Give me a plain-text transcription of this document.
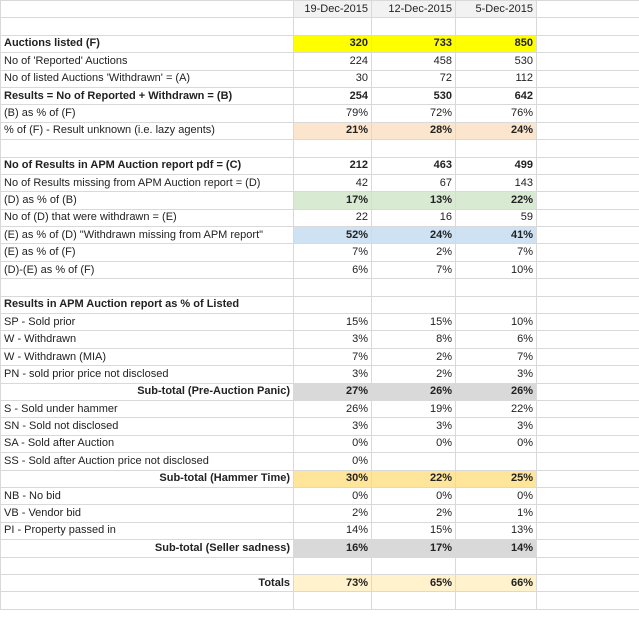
	19-Dec-2015	12-Dec-2015	5-Dec-2015	

Auctions listed (F)	320	733	850	
No of 'Reported' Auctions	224	458	530	
No of listed Auctions 'Withdrawn' = (A)	30	72	112	
Results = No of Reported + Withdrawn = (B)	254	530	642	
(B) as % of (F)	79%	72%	76%	
% of (F) - Result unknown (i.e. lazy agents)	21%	28%	24%	

No of Results in APM Auction report pdf = (C)	212	463	499	
No of Results missing from APM Auction report = (D)	42	67	143	
(D) as % of (B)	17%	13%	22%	
No of (D) that were withdrawn = (E)	22	16	59	
(E) as % of (D) "Withdrawn missing from APM report"	52%	24%	41%	
(E) as % of (F)	7%	2%	7%	
(D)-(E) as % of (F)	6%	7%	10%	

Results in APM Auction report as % of Listed				
SP - Sold prior	15%	15%	10%	
W - Withdrawn	3%	8%	6%	
W - Withdrawn (MIA)	7%	2%	7%	
PN - sold prior price not disclosed	3%	2%	3%	
Sub-total (Pre-Auction Panic)	27%	26%	26%	
S - Sold under hammer	26%	19%	22%	
SN - Sold not disclosed	3%	3%	3%	
SA - Sold after Auction	0%	0%	0%	
SS - Sold after Auction price not disclosed	0%			
Sub-total (Hammer Time)	30%	22%	25%	
NB - No bid	0%	0%	0%	
VB - Vendor bid	2%	2%	1%	
PI - Property passed in	14%	15%	13%	
Sub-total (Seller sadness)	16%	17%	14%	

Totals	73%	65%	66%	
